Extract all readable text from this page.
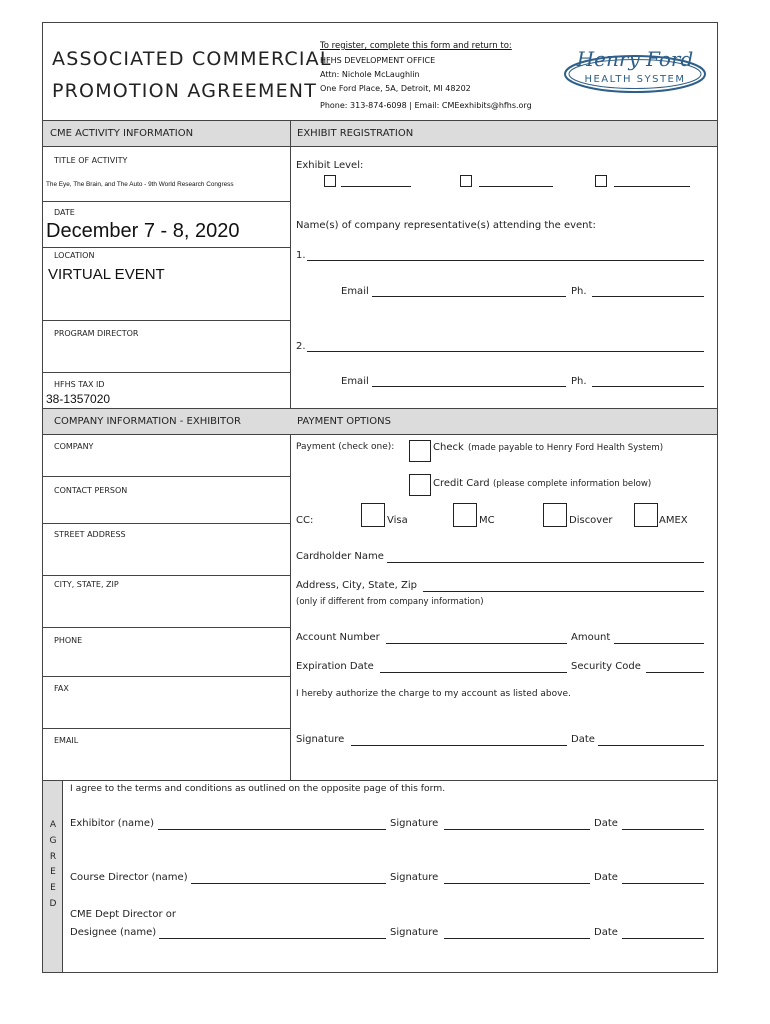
ASSOCIATED COMMERCIAL
PROMOTION AGREEMENT
To register, complete this form and return to:
HFHS DEVELOPMENT OFFICE
Attn: Nichole McLaughlin
One Ford Place, 5A, Detroit, MI 48202
Phone: 313-874-6098 | Email: CMEexhibits@hfhs.org
Henry Ford
HEALTH SYSTEM
CME ACTIVITY INFORMATION	EXHIBIT REGISTRATION
TITLE OF ACTIVITY
The Eye, The Brain, and The Auto - 9th World Research Congress
DATE
December 7 - 8, 2020
LOCATION
VIRTUAL EVENT
PROGRAM DIRECTOR
HFHS TAX ID
38-1357020
Exhibit Level:
Name(s) of company representative(s) attending the event:
1.
Email	Ph.
2.
Email	Ph.
COMPANY INFORMATION - EXHIBITOR	PAYMENT OPTIONS
COMPANY
CONTACT PERSON
STREET ADDRESS
CITY, STATE, ZIP
PHONE
FAX
EMAIL
Payment (check one):	Check (made payable to Henry Ford Health System)
Credit Card (please complete information below)
CC:	Visa	MC	Discover	AMEX
Cardholder Name
Address, City, State, Zip
(only if different from company information)
Account Number	Amount
Expiration Date	Security Code
I hereby authorize the charge to my account as listed above.
Signature	Date
A
G
R
E
E
D
I agree to the terms and conditions as outlined on the opposite page of this form.
Exhibitor (name)	Signature	Date
Course Director (name)	Signature	Date
CME Dept Director or
Designee (name)	Signature	Date
